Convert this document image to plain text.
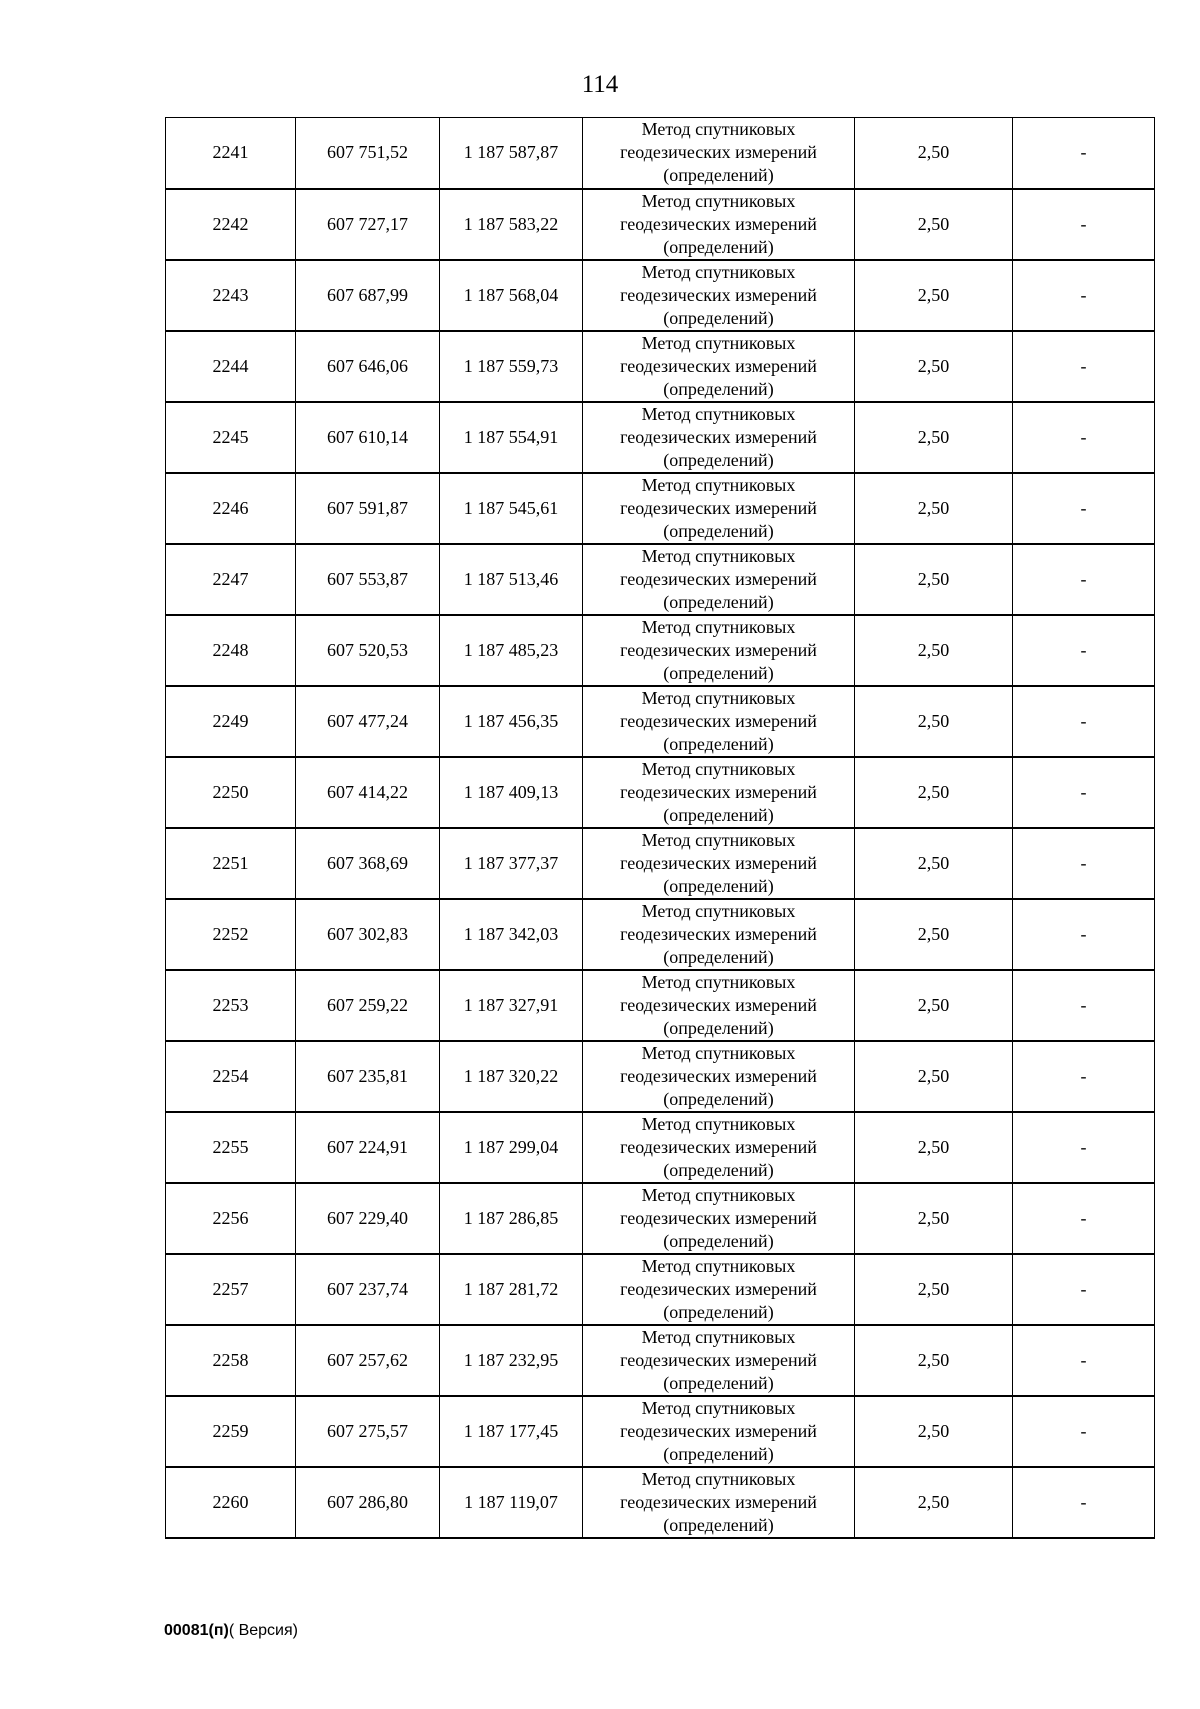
114
2241	607 751,52	1 187 587,87	Метод спутниковых
геодезических измерений
(определений)	2,50	-
2242	607 727,17	1 187 583,22	Метод спутниковых
геодезических измерений
(определений)	2,50	-
2243	607 687,99	1 187 568,04	Метод спутниковых
геодезических измерений
(определений)	2,50	-
2244	607 646,06	1 187 559,73	Метод спутниковых
геодезических измерений
(определений)	2,50	-
2245	607 610,14	1 187 554,91	Метод спутниковых
геодезических измерений
(определений)	2,50	-
2246	607 591,87	1 187 545,61	Метод спутниковых
геодезических измерений
(определений)	2,50	-
2247	607 553,87	1 187 513,46	Метод спутниковых
геодезических измерений
(определений)	2,50	-
2248	607 520,53	1 187 485,23	Метод спутниковых
геодезических измерений
(определений)	2,50	-
2249	607 477,24	1 187 456,35	Метод спутниковых
геодезических измерений
(определений)	2,50	-
2250	607 414,22	1 187 409,13	Метод спутниковых
геодезических измерений
(определений)	2,50	-
2251	607 368,69	1 187 377,37	Метод спутниковых
геодезических измерений
(определений)	2,50	-
2252	607 302,83	1 187 342,03	Метод спутниковых
геодезических измерений
(определений)	2,50	-
2253	607 259,22	1 187 327,91	Метод спутниковых
геодезических измерений
(определений)	2,50	-
2254	607 235,81	1 187 320,22	Метод спутниковых
геодезических измерений
(определений)	2,50	-
2255	607 224,91	1 187 299,04	Метод спутниковых
геодезических измерений
(определений)	2,50	-
2256	607 229,40	1 187 286,85	Метод спутниковых
геодезических измерений
(определений)	2,50	-
2257	607 237,74	1 187 281,72	Метод спутниковых
геодезических измерений
(определений)	2,50	-
2258	607 257,62	1 187 232,95	Метод спутниковых
геодезических измерений
(определений)	2,50	-
2259	607 275,57	1 187 177,45	Метод спутниковых
геодезических измерений
(определений)	2,50	-
2260	607 286,80	1 187 119,07	Метод спутниковых
геодезических измерений
(определений)	2,50	-
00081(п)( Версия)
